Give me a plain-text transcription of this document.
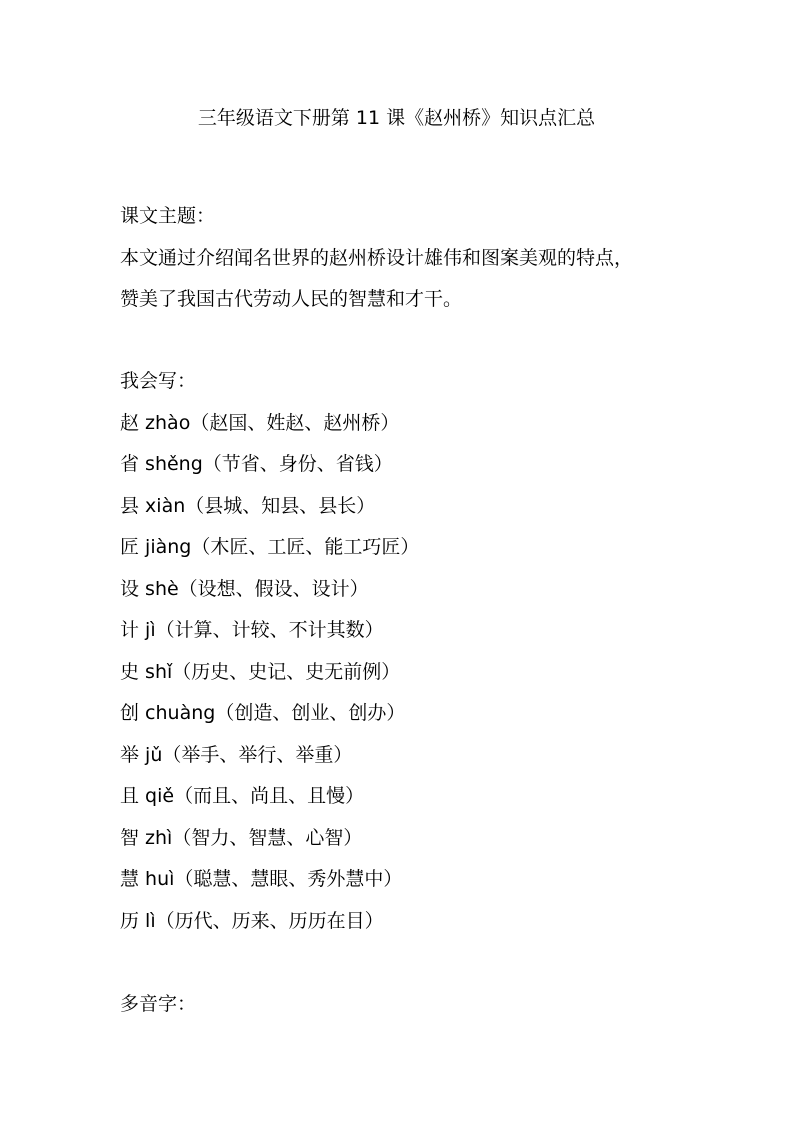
三年级语文下册第 11 课《赵州桥》知识点汇总
课文主题：
本文通过介绍闻名世界的赵州桥设计雄伟和图案美观的特点，
赞美了我国古代劳动人民的智慧和才干。
我会写：
赵 zhào（赵国、姓赵、赵州桥）
省 shěng（节省、身份、省钱）
县 xiàn（县城、知县、县长）
匠 jiàng（木匠、工匠、能工巧匠）
设 shè（设想、假设、设计）
计 jì（计算、计较、不计其数）
史 shǐ（历史、史记、史无前例）
创 chuàng（创造、创业、创办）
举 jǔ（举手、举行、举重）
且 qiě（而且、尚且、且慢）
智 zhì（智力、智慧、心智）
慧 huì（聪慧、慧眼、秀外慧中）
历 lì（历代、历来、历历在目）
多音字：
